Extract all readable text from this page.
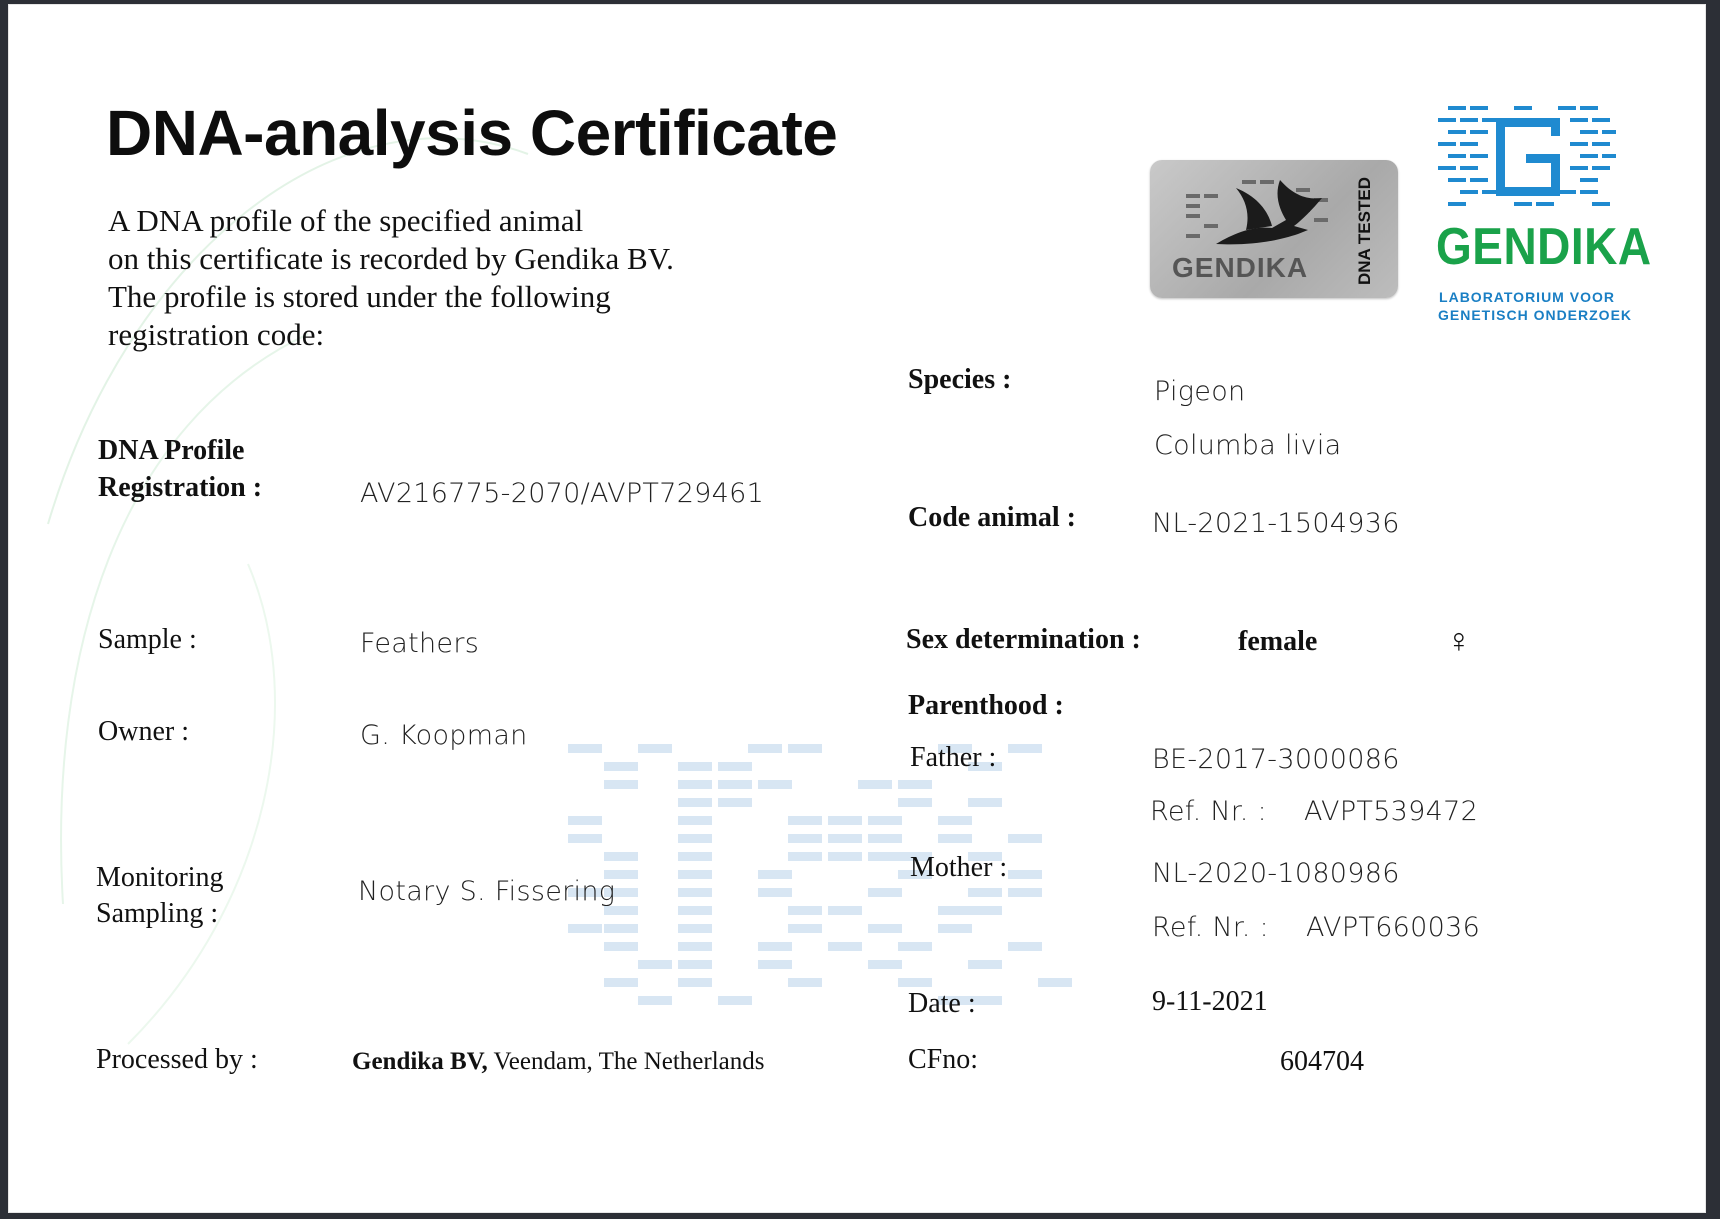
DNA-analysis Certificate
A DNA profile of the specified animal
on this certificate is recorded by Gendika BV.
The profile is stored under the following
registration code:
GENDIKA	DNA TESTED GENDIKA
LABORATORIUM VOOR
GENETISCH ONDERZOEK
DNA Profile
Registration :	AV216775-2070/AVPT729461
Sample :	Feathers
Owner :	G. Koopman
Monitoring
Sampling :
Notary S. Fissering
Processed by :	Gendika BV, Veendam, The Netherlands
Species :	Pigeon
Columba livia
Code animal :	NL-2021-1504936
Sex determination :	female	♀
Parenthood :
Father :	BE-2017-3000086
Ref. Nr. : AVPT539472
Mother :	NL-2020-1080986
Ref. Nr. : AVPT660036
Date :	9-11-2021
CFno:	604704
